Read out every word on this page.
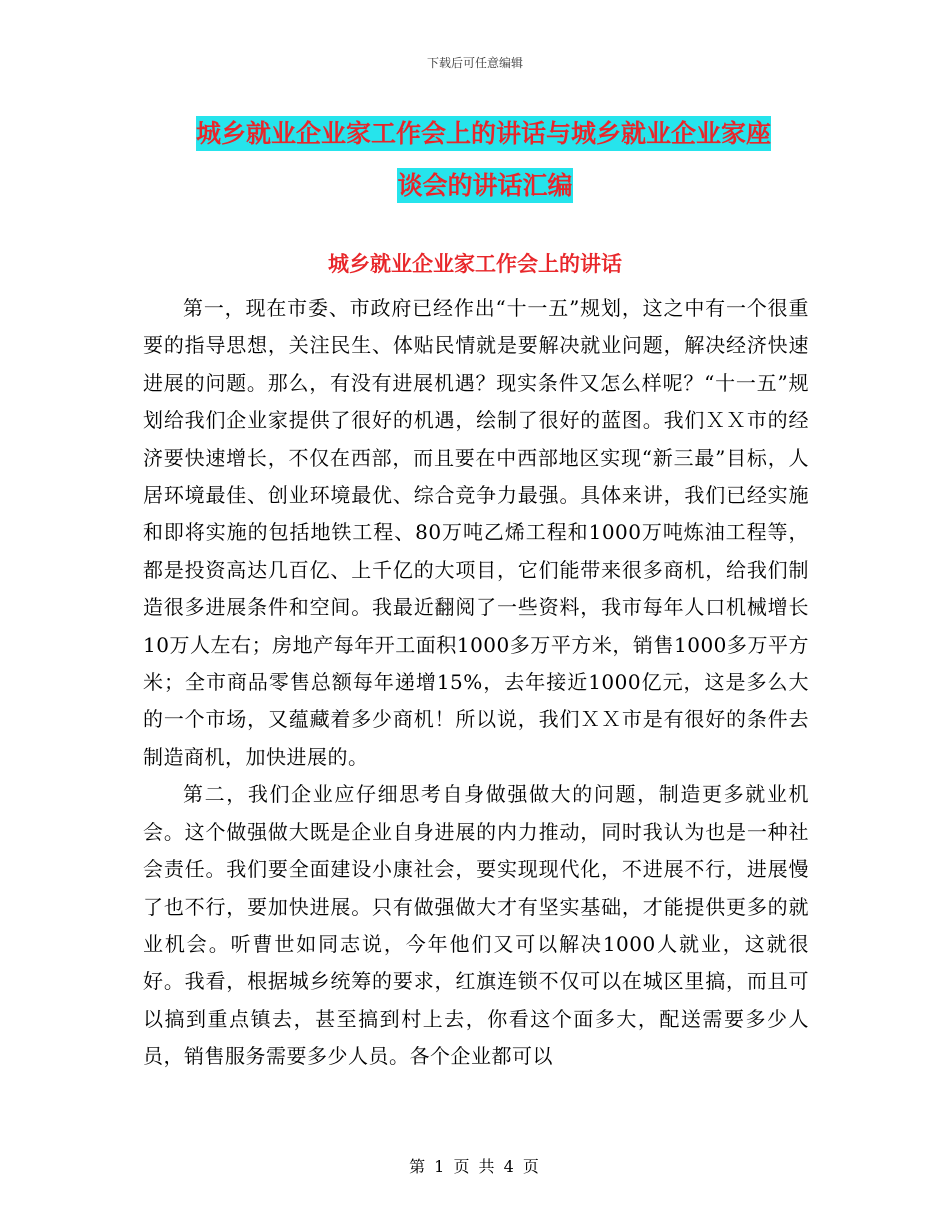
下载后可任意编辑
城乡就业企业家工作会上的讲话与城乡就业企业家座
谈会的讲话汇编
城乡就业企业家工作会上的讲话

第一，现在市委、市政府已经作出“十一五”规划，这之中有一个很重要的指导思想，关注民生、体贴民情就是要解决就业问题，解决经济快速进展的问题。那么，有没有进展机遇？现实条件又怎么样呢？“十一五”规划给我们企业家提供了很好的机遇，绘制了很好的蓝图。我们ＸＸ市的经济要快速增长，不仅在西部，而且要在中西部地区实现“新三最”目标，人居环境最佳、创业环境最优、综合竞争力最强。具体来讲，我们已经实施和即将实施的包括地铁工程、80万吨乙烯工程和1000万吨炼油工程等，都是投资高达几百亿、上千亿的大项目，它们能带来很多商机，给我们制造很多进展条件和空间。我最近翻阅了一些资料，我市每年人口机械增长10万人左右；房地产每年开工面积1000多万平方米，销售1000多万平方米；全市商品零售总额每年递增15%，去年接近1000亿元，这是多么大的一个市场，又蕴藏着多少商机！所以说，我们ＸＸ市是有很好的条件去制造商机，加快进展的。

第二，我们企业应仔细思考自身做强做大的问题，制造更多就业机会。这个做强做大既是企业自身进展的内力推动，同时我认为也是一种社会责任。我们要全面建设小康社会，要实现现代化，不进展不行，进展慢了也不行，要加快进展。只有做强做大才有坚实基础，才能提供更多的就业机会。听曹世如同志说，今年他们又可以解决1000人就业，这就很好。我看，根据城乡统筹的要求，红旗连锁不仅可以在城区里搞，而且可以搞到重点镇去，甚至搞到村上去，你看这个面多大，配送需要多少人员，销售服务需要多少人员。各个企业都可以

第 1 页 共 4 页
